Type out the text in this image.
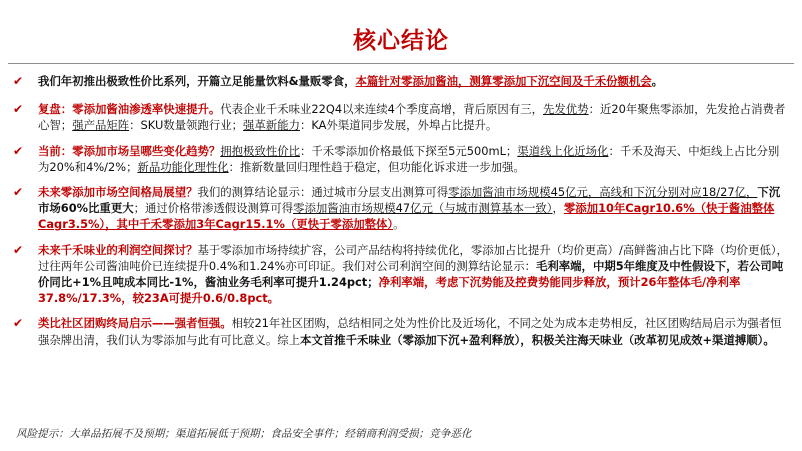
核心结论
✔ 我们年初推出极致性价比系列，开篇立足能量饮料&量贩零食，本篇针对零添加酱油，测算零添加下沉空间及千禾份额机会。
✔ 复盘：零添加酱油渗透率快速提升。代表企业千禾味业22Q4以来连续4个季度高增，背后原因有三，先发优势：近20年聚焦零添加，先发抢占消费者心智；强产品矩阵：SKU数量领跑行业；强革新能力：KA外渠道同步发展，外埠占比提升。
✔ 当前：零添加市场呈哪些变化趋势？拥抱极致性价比：千禾零添加价格最低下探至5元500mL；渠道线上化近场化：千禾及海天、中炬线上占比分别为20%和4%/2%；新品功能化理性化：推新数量回归理性趋于稳定，但功能化诉求进一步加强。
✔ 未来零添加市场空间格局展望？我们的测算结论显示：通过城市分层支出测算可得零添加酱油市场规模45亿元，高线和下沉分别对应18/27亿，下沉市场60%比重更大；通过价格带渗透假设测算可得零添加酱油市场规模47亿元（与城市测算基本一致），零添加10年Cagr10.6%（快于酱油整体Cagr3.5%），其中千禾零添加3年Cagr15.1%（更快于零添加整体）。
✔ 未来千禾味业的利润空间探讨？基于零添加市场持续扩容，公司产品结构将持续优化，零添加占比提升（均价更高）/高鲜酱油占比下降（均价更低），过往两年公司酱油吨价已连续提升0.4%和1.24%亦可印证。我们对公司利润空间的测算结论显示：毛利率端，中期5年维度及中性假设下，若公司吨价同比+1%且吨成本同比-1%，酱油业务毛利率可提升1.24pct；净利率端，考虑下沉势能及控费势能同步释放，预计26年整体毛/净利率37.8%/17.3%，较23A可提升0.6/0.8pct。
✔ 类比社区团购终局启示——强者恒强。相较21年社区团购，总结相同之处为性价比及近场化，不同之处为成本走势相反，社区团购结局启示为强者恒强杂牌出清，我们认为零添加与此有可比意义。综上本文首推千禾味业（零添加下沉+盈利释放），积极关注海天味业（改革初见成效+渠道搏顺）。
风险提示：大单品拓展不及预期；渠道拓展低于预期；食品安全事件；经销商利润受损；竞争恶化
